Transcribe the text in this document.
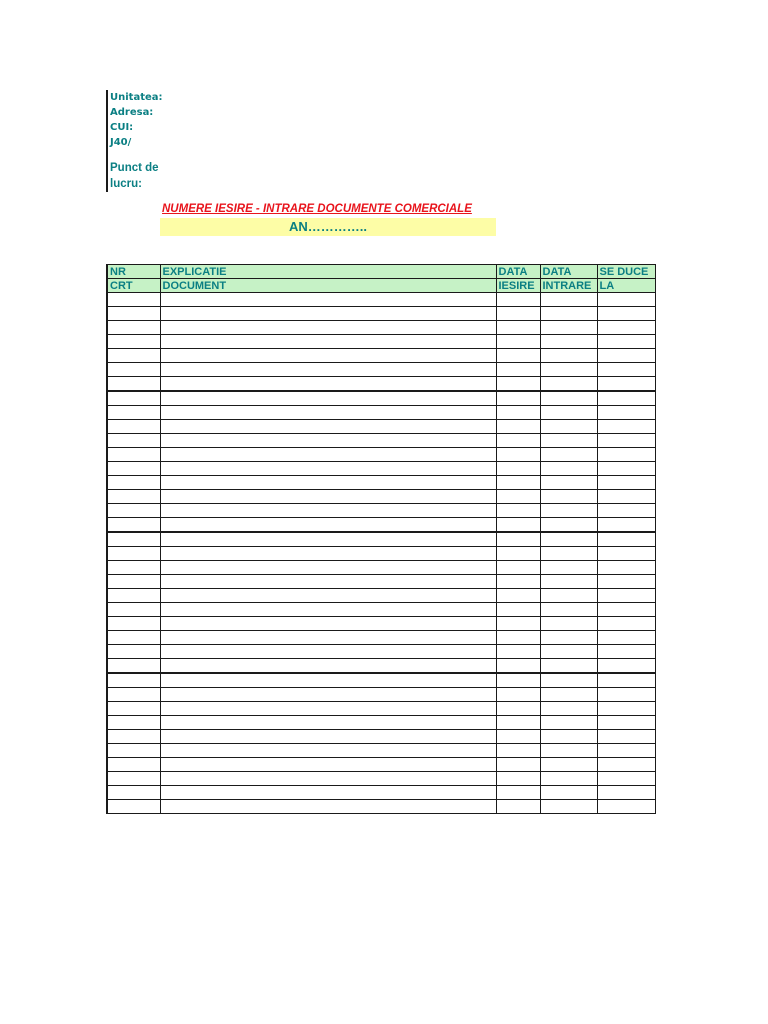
Unitatea:
Adresa:
CUI:
J40/
Punct de
lucru:
NUMERE IESIRE - INTRARE DOCUMENTE COMERCIALE
AN…………..
NR	EXPLICATIE	DATA	DATA	SE DUCE
CRT	DOCUMENT	IESIRE	INTRARE	LA
